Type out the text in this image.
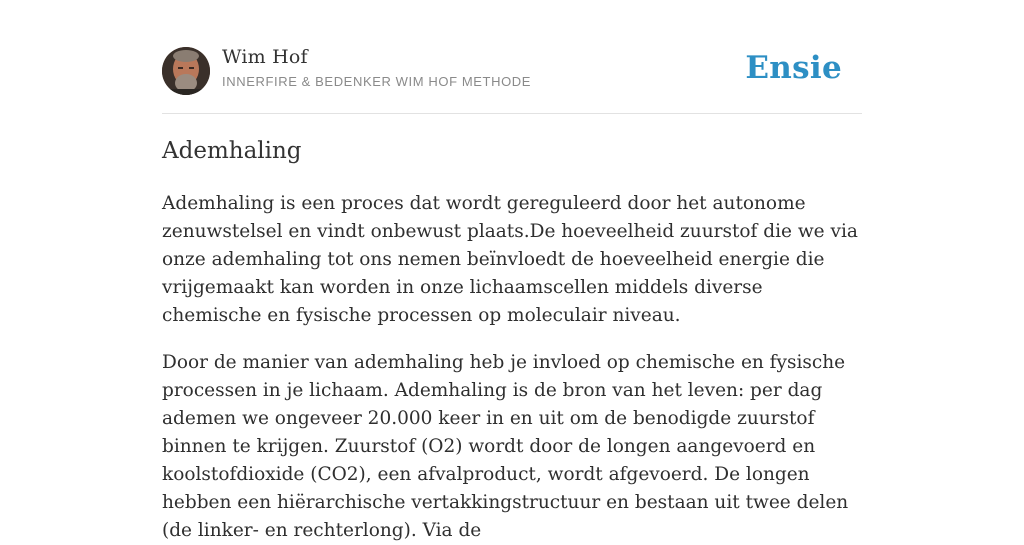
Wim Hof
INNERFIRE & BEDENKER WIM HOF METHODE	Ensie
Ademhaling

Ademhaling is een proces dat wordt gereguleerd door het autonome zenuwstelsel en vindt onbewust plaats.De hoeveelheid zuurstof die we via onze ademhaling tot ons nemen beïnvloedt de hoeveelheid energie die vrijgemaakt kan worden in onze lichaamscellen middels diverse chemische en fysische processen op moleculair niveau.

Door de manier van ademhaling heb je invloed op chemische en fysische processen in je lichaam. Ademhaling is de bron van het leven: per dag ademen we ongeveer 20.000 keer in en uit om de benodigde zuurstof binnen te krijgen. Zuurstof (O2) wordt door de longen aangevoerd en koolstofdioxide (CO2), een afvalproduct, wordt afgevoerd. De longen hebben een hiërarchische vertakkingstructuur en bestaan uit twee delen (de linker- en rechterlong). Via de
